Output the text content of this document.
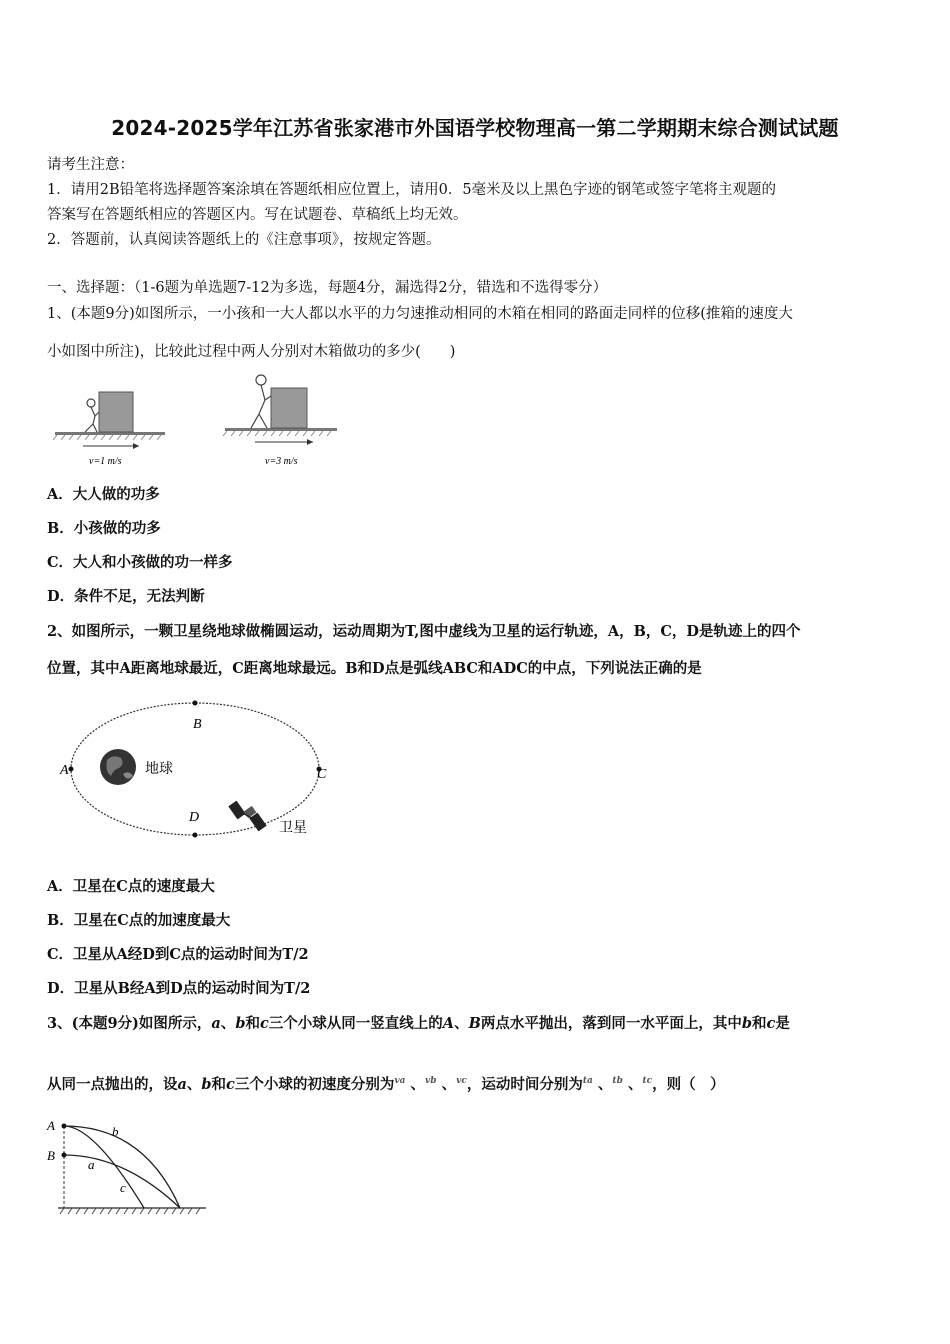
2024-2025学年江苏省张家港市外国语学校物理高一第二学期期末综合测试试题
请考生注意：
1．请用2B铅笔将选择题答案涂填在答题纸相应位置上，请用0．5毫米及以上黑色字迹的钢笔或签字笔将主观题的
答案写在答题纸相应的答题区内。写在试题卷、草稿纸上均无效。
2．答题前，认真阅读答题纸上的《注意事项》，按规定答题。
一、选择题：（1-6题为单选题7-12为多选，每题4分，漏选得2分，错选和不选得零分）
1、(本题9分)如图所示，一小孩和一大人都以水平的力匀速推动相同的木箱在相同的路面走同样的位移(推箱的速度大
小如图中所注)，比较此过程中两人分别对木箱做功的多少(　　)
v=1 m/s	v=3 m/s
A．大人做的功多
B．小孩做的功多
C．大人和小孩做的功一样多
D．条件不足，无法判断
2、如图所示，一颗卫星绕地球做椭圆运动，运动周期为T,图中虚线为卫星的运行轨迹，A，B，C，D是轨迹上的四个
位置，其中A距离地球最近，C距离地球最远。B和D点是弧线ABC和ADC的中点，下列说法正确的是
A
B
C
D
地球
卫星
A．卫星在C点的速度最大
B．卫星在C点的加速度最大
C．卫星从A经D到C点的运动时间为T/2
D．卫星从B经A到D点的运动时间为T/2
3、(本题9分)如图所示，a、b和c三个小球从同一竖直线上的A、B两点水平抛出，落到同一水平面上，其中b和c是
从同一点抛出的，设a、b和c三个小球的初速度分别为$^{va}$ 、$^{vb}$ 、$^{vc}$，运动时间分别为$^{ta}$ 、$^{tb}$ 、$^{tc}$，则（　）
A
B
b
a
c
